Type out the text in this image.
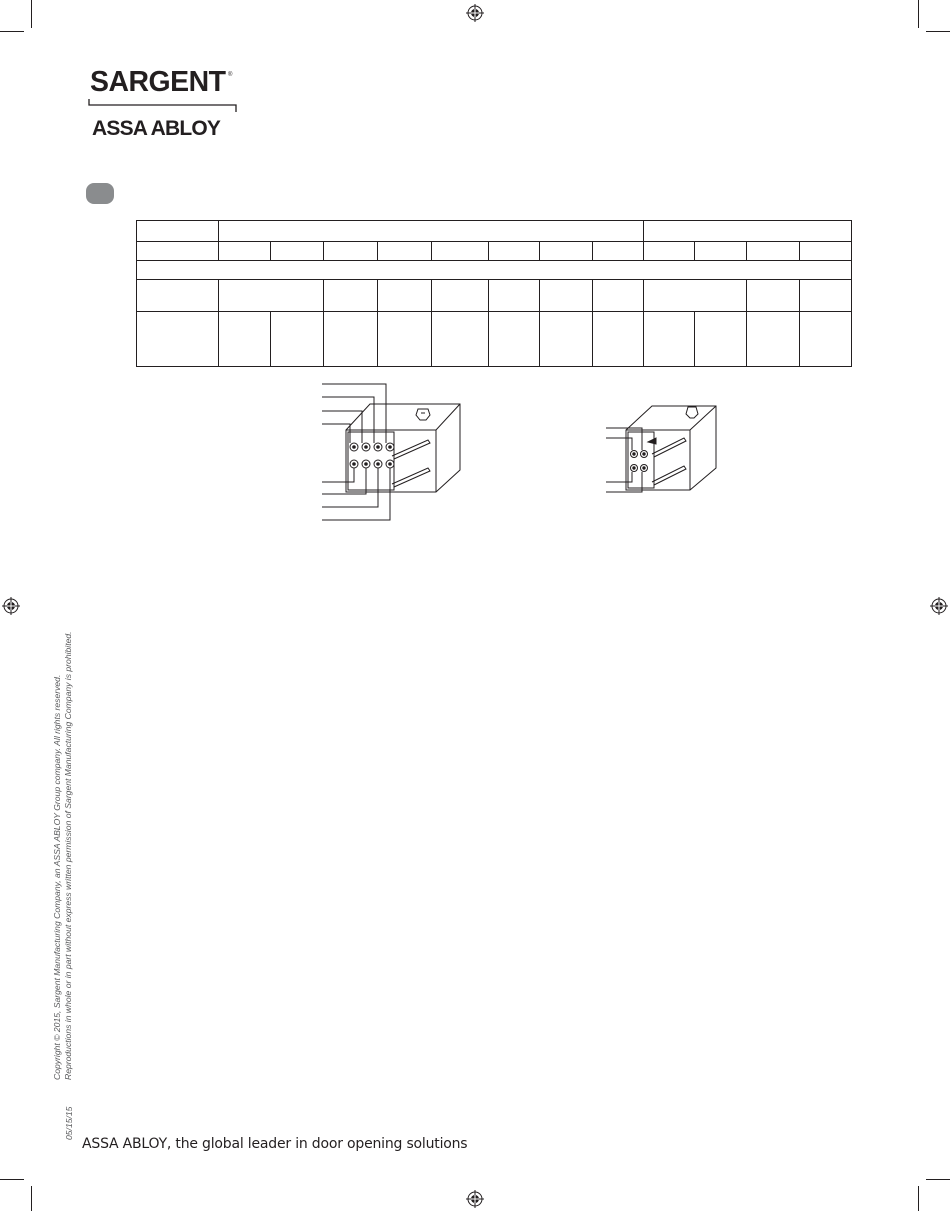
SARGENT ®
ASSA ABLOY

Copyright © 2015, Sargent Manufacturing Company, an ASSA ABLOY Group company. All rights reserved. Reproductions in whole or in part without express written permission of Sargent Manufacturing Company is prohibited.
05/15/15
ASSA ABLOY, the global leader in door opening solutions
